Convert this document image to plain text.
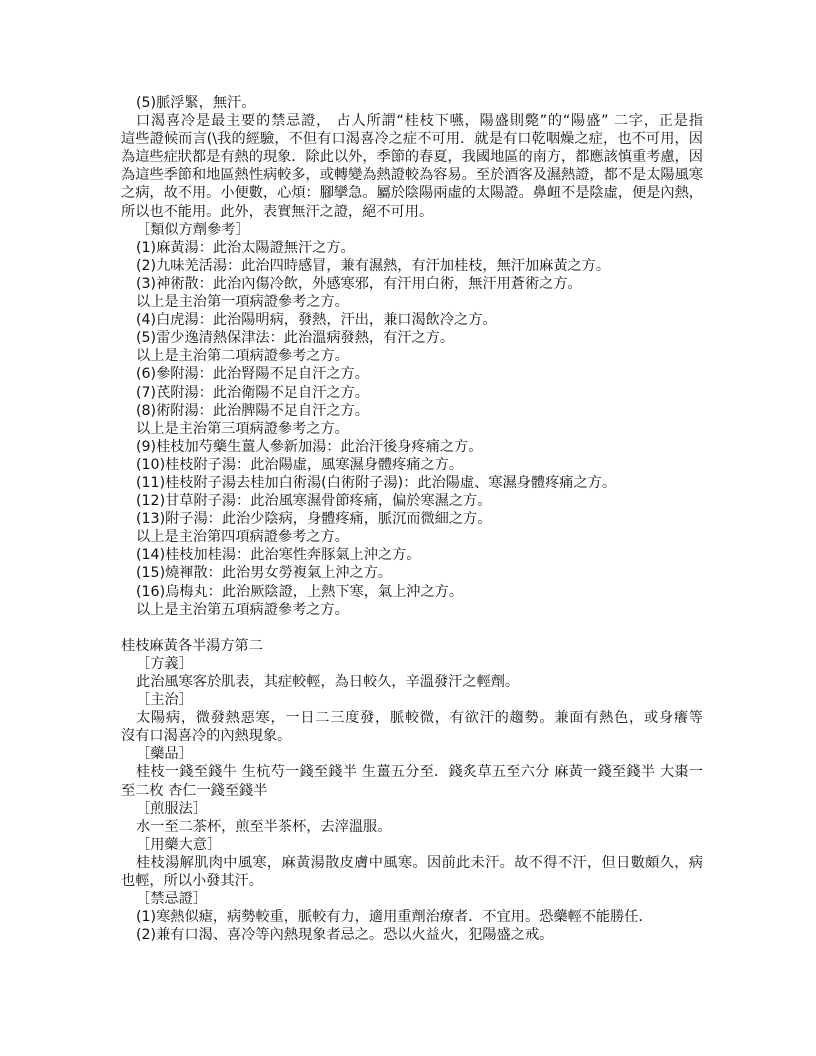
(5)脈浮緊，無汗。
口渴喜冷是最主要的禁忌證， 占人所謂“桂枝下嚥，陽盛則斃”的“陽盛” 二字，正是指
這些證候而言(\我的經驗，不但有口渴喜冷之症不可用．就是有口乾咽燥之症，也不可用，因
為這些症狀都是有熱的現象．除此以外，季節的春夏，我國地區的南方，都應該慎重考慮，因
為這些季節和地區熱性病較多，或轉變為熱證較為容易。至於酒客及濕熱證，都不是太陽風寒
之病，故不用。小便數，心煩：腳攣急。屬於陰陽兩虛的太陽證。鼻衄不是陰虛，便是內熱，
所以也不能用。此外，表實無汗之證，絕不可用。
［類似方劑參考］
(1)麻黃湯：此治太陽證無汗之方。
(2)九味羌活湯：此治四時感冒，兼有濕熱，有汗加桂枝，無汗加麻黃之方。
(3)神術散：此治內傷冷飲，外感寒邪，有汗用白術，無汗用蒼術之方。
以上是主治第一項病證參考之方。
(4)白虎湯：此治陽明病，發熱，汗出，兼口渴飲冷之方。
(5)雷少逸清熱保津法：此治溫病發熱，有汗之方。
以上是主治第二項病證參考之方。
(6)參附湯：此治腎陽不足自汗之方。
(7)芪附湯：此治衛陽不足自汗之方。
(8)術附湯：此治脾陽不足自汗之方。
以上是主治第三項病證參考之方。
(9)桂枝加芍藥生薑人參新加湯：此治汗後身疼痛之方。
(10)桂枝附子湯：此治陽虛，風寒濕身體疼痛之方。
(11)桂枝附子湯去桂加白術湯(白術附子湯)：此治陽虛、寒濕身體疼痛之方。
(12)甘草附子湯：此治風寒濕骨節疼痛，偏於寒濕之方。
(13)附子湯：此治少陰病，身體疼痛，脈沉而微細之方。
以上是主治第四項病證參考之方。
(14)桂枝加桂湯：此治寒性奔豚氣上沖之方。
(15)燒褌散：此治男女勞複氣上沖之方。
(16)烏梅丸：此治厥陰證，上熱下寒，氣上沖之方。
以上是主治第五項病證參考之方。
桂枝麻黃各半湯方第二
［方義］
此治風寒客於肌表，其症較輕，為日較久，辛溫發汗之輕劑。
［主治］
太陽病，微發熱惡寒，一日二三度發，脈較微，有欲汗的趨勢。兼面有熱色，或身癢等
沒有口渴喜冷的內熱現象。
［藥品］
桂枝一錢至錢牛 生杭芍一錢至錢半 生薑五分至．錢炙草五至六分 麻黃一錢至錢半 大棗一
至二枚 杏仁一錢至錢半
［煎服法］
水一至二茶杯，煎至半茶杯，去滓溫服。
［用藥大意］
桂枝湯解肌肉中風寒，麻黃湯散皮膚中風寒。因前此未汗。故不得不汗，但日數頗久，病
也輕，所以小發其汗。
［禁忌證］
(1)寒熱似瘧，病勢較重，脈較有力，適用重劑治療者．不宜用。恐藥輕不能勝任．
(2)兼有口渴、喜冷等內熱現象者忌之。恐以火益火，犯陽盛之戒。
